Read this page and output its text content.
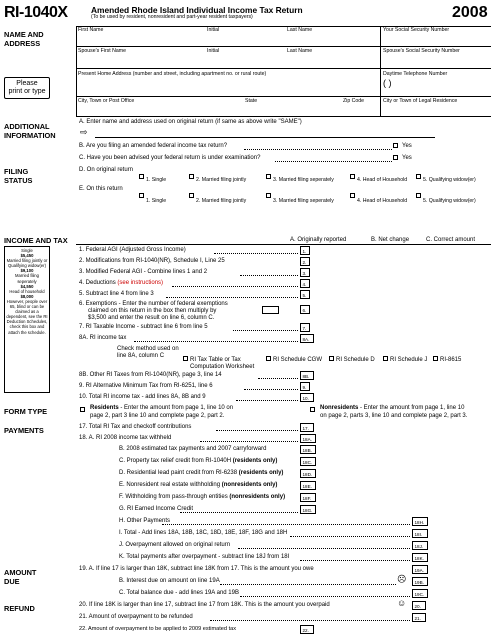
RI-1040X	Amended Rhode Island Individual Income Tax Return
(To be used by resident, nonresident and part-year resident taxpayers)	2008
NAME AND
ADDRESS
Please
print or type
First Name	Initial	Last Name	Your Social Security Number
Spouse's First Name	Initial	Last Name	Spouse's Social Security Number
Present Home Address (number and street, including apartment no. or rural route)	Daytime Telephone Number
( )
City, Town or Post Office	State	Zip Code	City or Town of Legal Residence
ADDITIONAL
INFORMATION
A. Enter name and address used on original return (if same as above write "SAME")
⇨
B. Are you filing an amended federal income tax return?	Yes
C. Have you been advised your federal return is under examination?	Yes
FILING
STATUS
D. On original return
E. On this return
1. Single	2. Married filing jointly	3. Married filing seperately	4. Head of Household	5. Qualifying widow(er)
1. Single	2. Married filing jointly	3. Married filing seperately	4. Head of Household	5. Qualifying widow(er)
INCOME AND TAX	A. Originally reported	B. Net change	C. Correct amount
Single
$5,450
Married filing jointly or Qualifying widow(er)
$9,100
Married filing seperately
$4,550
Head of household
$8,000
However, people over 65, blind or can be claimed as a dependent, see the RI Deduction Schedules, check this box and attach the schedule.
1. Federal AGI (Adjusted Gross Income)	1.
2. Modifications from RI-1040(NR), Schedule I, Line 25	2.
3. Modified Federal AGI - Combine lines 1 and 2	3.
4. Deductions (see instructions)	4.
5. Subtract line 4 from line 3	5.
6. Exemptions - Enter the number of federal exemptions
claimed on this return in the box then multiply by
$3,500 and enter the result on line 6, column C.
6.
7. RI Taxable Income - subtract line 6 from line 5	7.
8A. RI income tax	8A.
Check method used on
line 8A, column C
RI Tax Table or Tax
Computation Worksheet
RI Schedule CGW RI Schedule D	RI Schedule J RI-8615
8B. Other RI Taxes from RI-1040(NR), page 3, line 14	8B.
9. RI Alternative Minimum Tax from RI-6251, line 6	9.
10. Total RI income tax - add lines 8A, 8B and 9	10.
FORM TYPE	Residents - Enter the amount from page 1, line 10 on
page 2, part 3 line 10 and complete page 2, part 2.
Nonresidents - Enter the amount from page 1, line 10
on page 2, parts 3, line 10 and complete page 2, part 3.
PAYMENTS	17. Total RI Tax and checkoff contributions	17.
18. A. RI 2008 income tax withheld	18A.
B. 2008 estimated tax payments and 2007 carryforward	18B.
C. Property tax relief credit from RI-1040H (residents only)	18C.
D. Residential lead paint credit from RI-6238 (residents only)	18D.
E. Nonresident real estate withholding (nonresidents only)	18E.
F. Withholding from pass-through entities (nonresidents only)	18F.
G. RI Earned Income Credit	18G.
H. Other Payments	18H.
I. Total - Add lines 18A, 18B, 18C, 18D, 18E, 18F, 18G and 18H	18I.
J. Overpayment allowed on original return	18J.
K. Total payments after overpayment - subtract line 18J from 18I	18K.
AMOUNT
DUE
19. A. If line 17 is larger than 18K, subtract line 18K from 17. This is the amount you owe	19A.
B. Interest due on amount on line 19A	☹	19B.
C. Total balance due - add lines 19A and 19B	19C.
REFUND	20. If line 18K is larger than line 17, subtract line 17 from 18K. This is the amount you overpaid	☺	20.
21. Amount of overpayment to be refunded	21.
22. Amount of overpayment to be applied to 2009 estimated tax	22.
